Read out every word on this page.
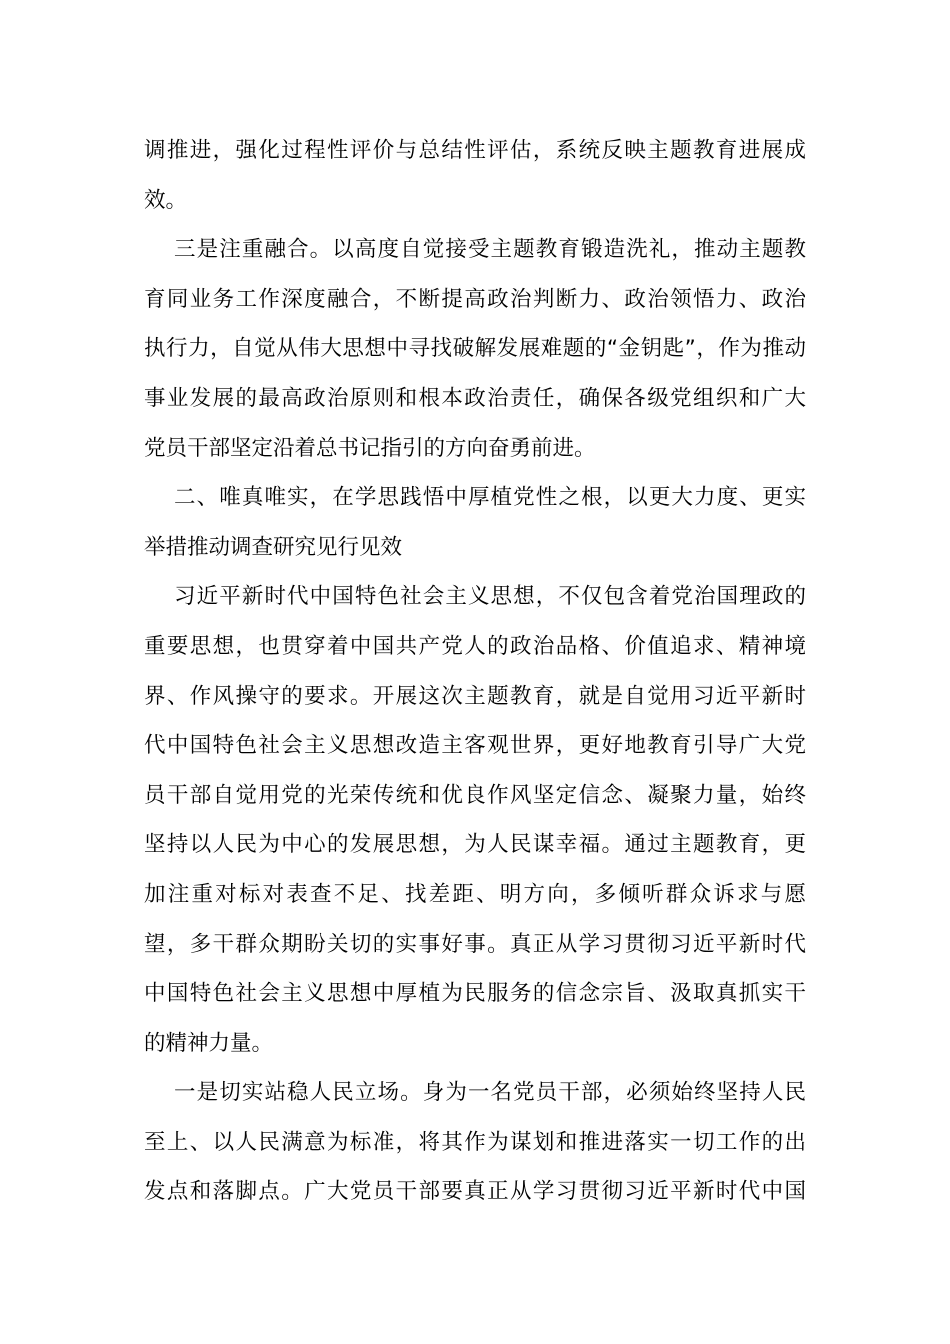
调推进，强化过程性评价与总结性评估，系统反映主题教育进展成
效。
三是注重融合。以高度自觉接受主题教育锻造洗礼，推动主题教
育同业务工作深度融合，不断提高政治判断力、政治领悟力、政治
执行力，自觉从伟大思想中寻找破解发展难题的“金钥匙”，作为推动
事业发展的最高政治原则和根本政治责任，确保各级党组织和广大
党员干部坚定沿着总书记指引的方向奋勇前进。
二、唯真唯实，在学思践悟中厚植党性之根，以更大力度、更实
举措推动调查研究见行见效
习近平新时代中国特色社会主义思想，不仅包含着党治国理政的
重要思想，也贯穿着中国共产党人的政治品格、价值追求、精神境
界、作风操守的要求。开展这次主题教育，就是自觉用习近平新时
代中国特色社会主义思想改造主客观世界，更好地教育引导广大党
员干部自觉用党的光荣传统和优良作风坚定信念、凝聚力量，始终
坚持以人民为中心的发展思想，为人民谋幸福。通过主题教育，更
加注重对标对表查不足、找差距、明方向，多倾听群众诉求与愿
望，多干群众期盼关切的实事好事。真正从学习贯彻习近平新时代
中国特色社会主义思想中厚植为民服务的信念宗旨、汲取真抓实干
的精神力量。
一是切实站稳人民立场。身为一名党员干部，必须始终坚持人民
至上、以人民满意为标准，将其作为谋划和推进落实一切工作的出
发点和落脚点。广大党员干部要真正从学习贯彻习近平新时代中国
